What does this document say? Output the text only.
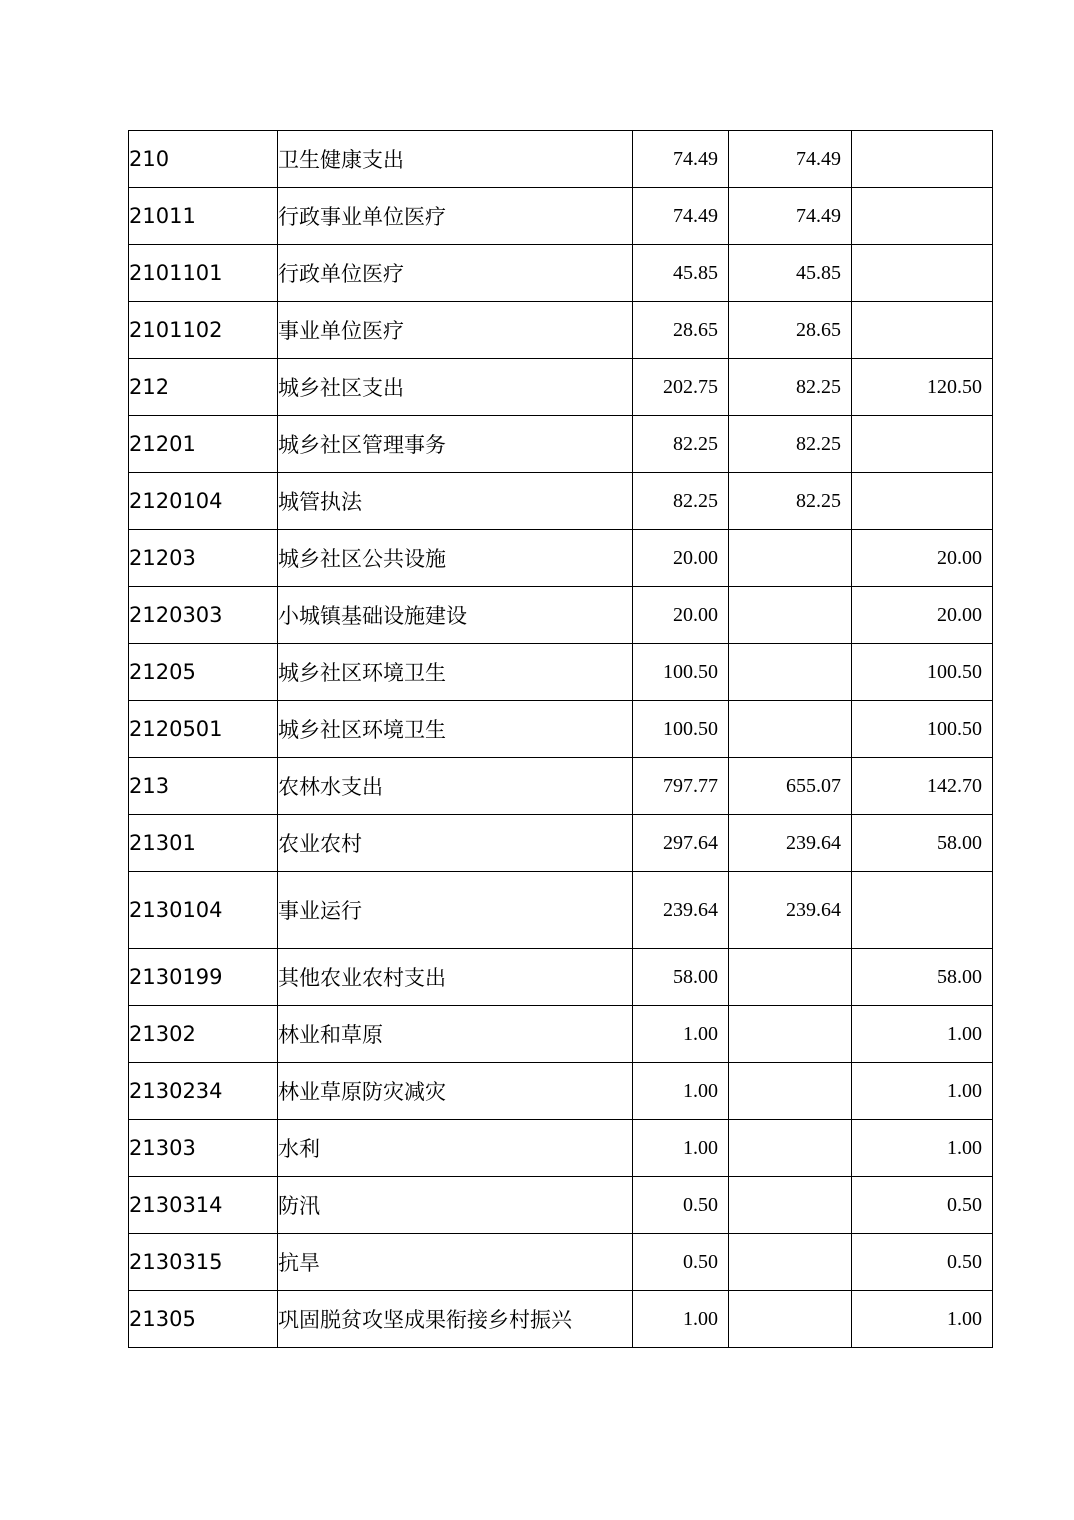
210	卫生健康支出	74.49	74.49	
21011	行政事业单位医疗	74.49	74.49	
2101101	行政单位医疗	45.85	45.85	
2101102	事业单位医疗	28.65	28.65	
212	城乡社区支出	202.75	82.25	120.50
21201	城乡社区管理事务	82.25	82.25	
2120104	城管执法	82.25	82.25	
21203	城乡社区公共设施	20.00		20.00
2120303	小城镇基础设施建设	20.00		20.00
21205	城乡社区环境卫生	100.50		100.50
2120501	城乡社区环境卫生	100.50		100.50
213	农林水支出	797.77	655.07	142.70
21301	农业农村	297.64	239.64	58.00
2130104	事业运行	239.64	239.64	
2130199	其他农业农村支出	58.00		58.00
21302	林业和草原	1.00		1.00
2130234	林业草原防灾减灾	1.00		1.00
21303	水利	1.00		1.00
2130314	防汛	0.50		0.50
2130315	抗旱	0.50		0.50
21305	巩固脱贫攻坚成果衔接乡村振兴	1.00		1.00
